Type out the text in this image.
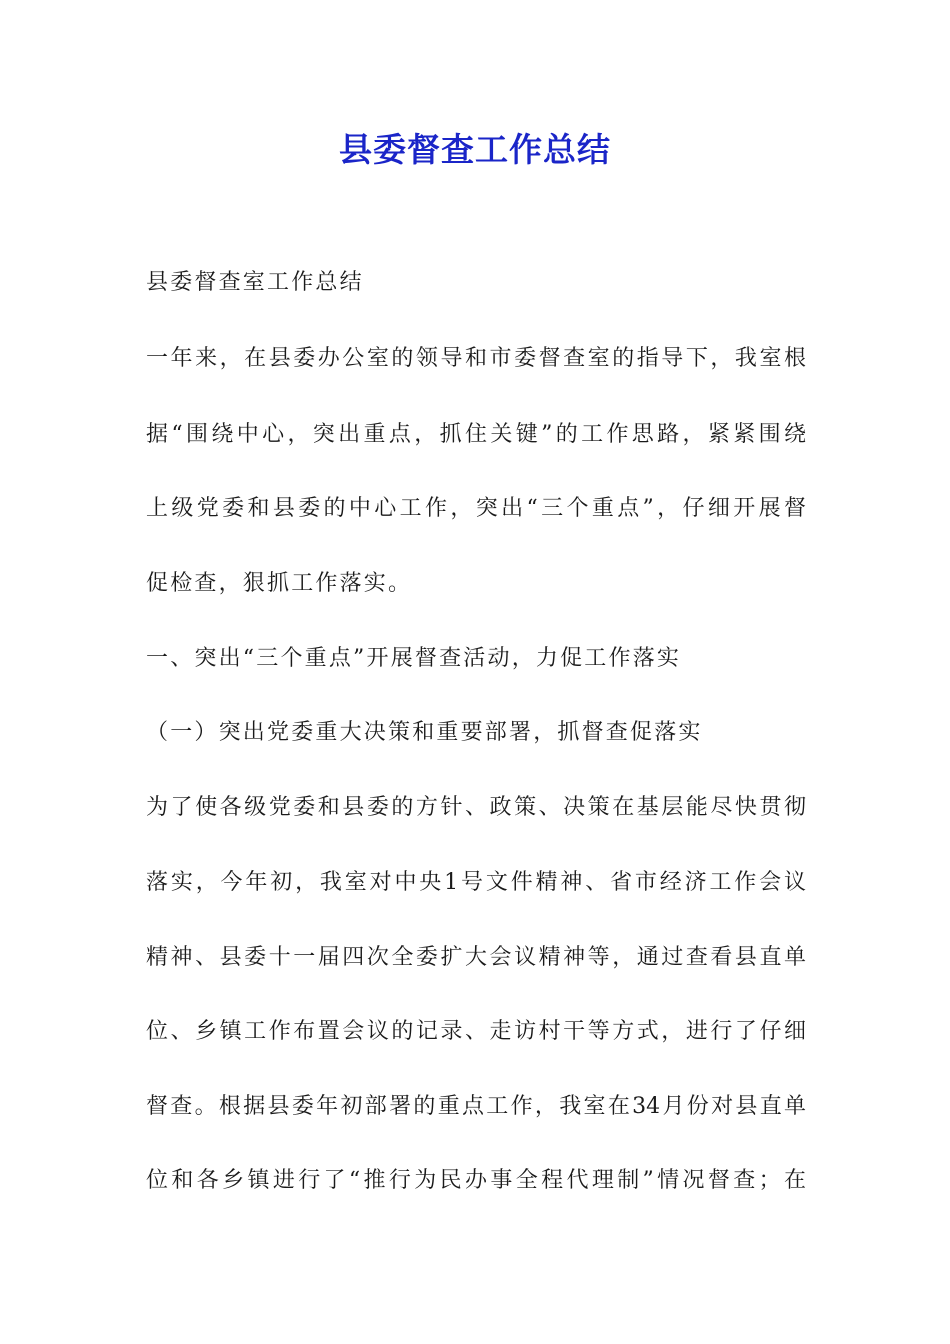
县委督查工作总结

县委督查室工作总结

一年来，在县委办公室的领导和市委督查室的指导下，我室根

据“围绕中心，突出重点，抓住关键”的工作思路，紧紧围绕

上级党委和县委的中心工作，突出“三个重点”，仔细开展督

促检查，狠抓工作落实。

一、突出“三个重点”开展督查活动，力促工作落实

（一）突出党委重大决策和重要部署，抓督查促落实

为了使各级党委和县委的方针、政策、决策在基层能尽快贯彻

落实，今年初，我室对中央1号文件精神、省市经济工作会议

精神、县委十一届四次全委扩大会议精神等，通过查看县直单

位、乡镇工作布置会议的记录、走访村干等方式，进行了仔细

督查。根据县委年初部署的重点工作，我室在34月份对县直单

位和各乡镇进行了“推行为民办事全程代理制”情况督查；在
